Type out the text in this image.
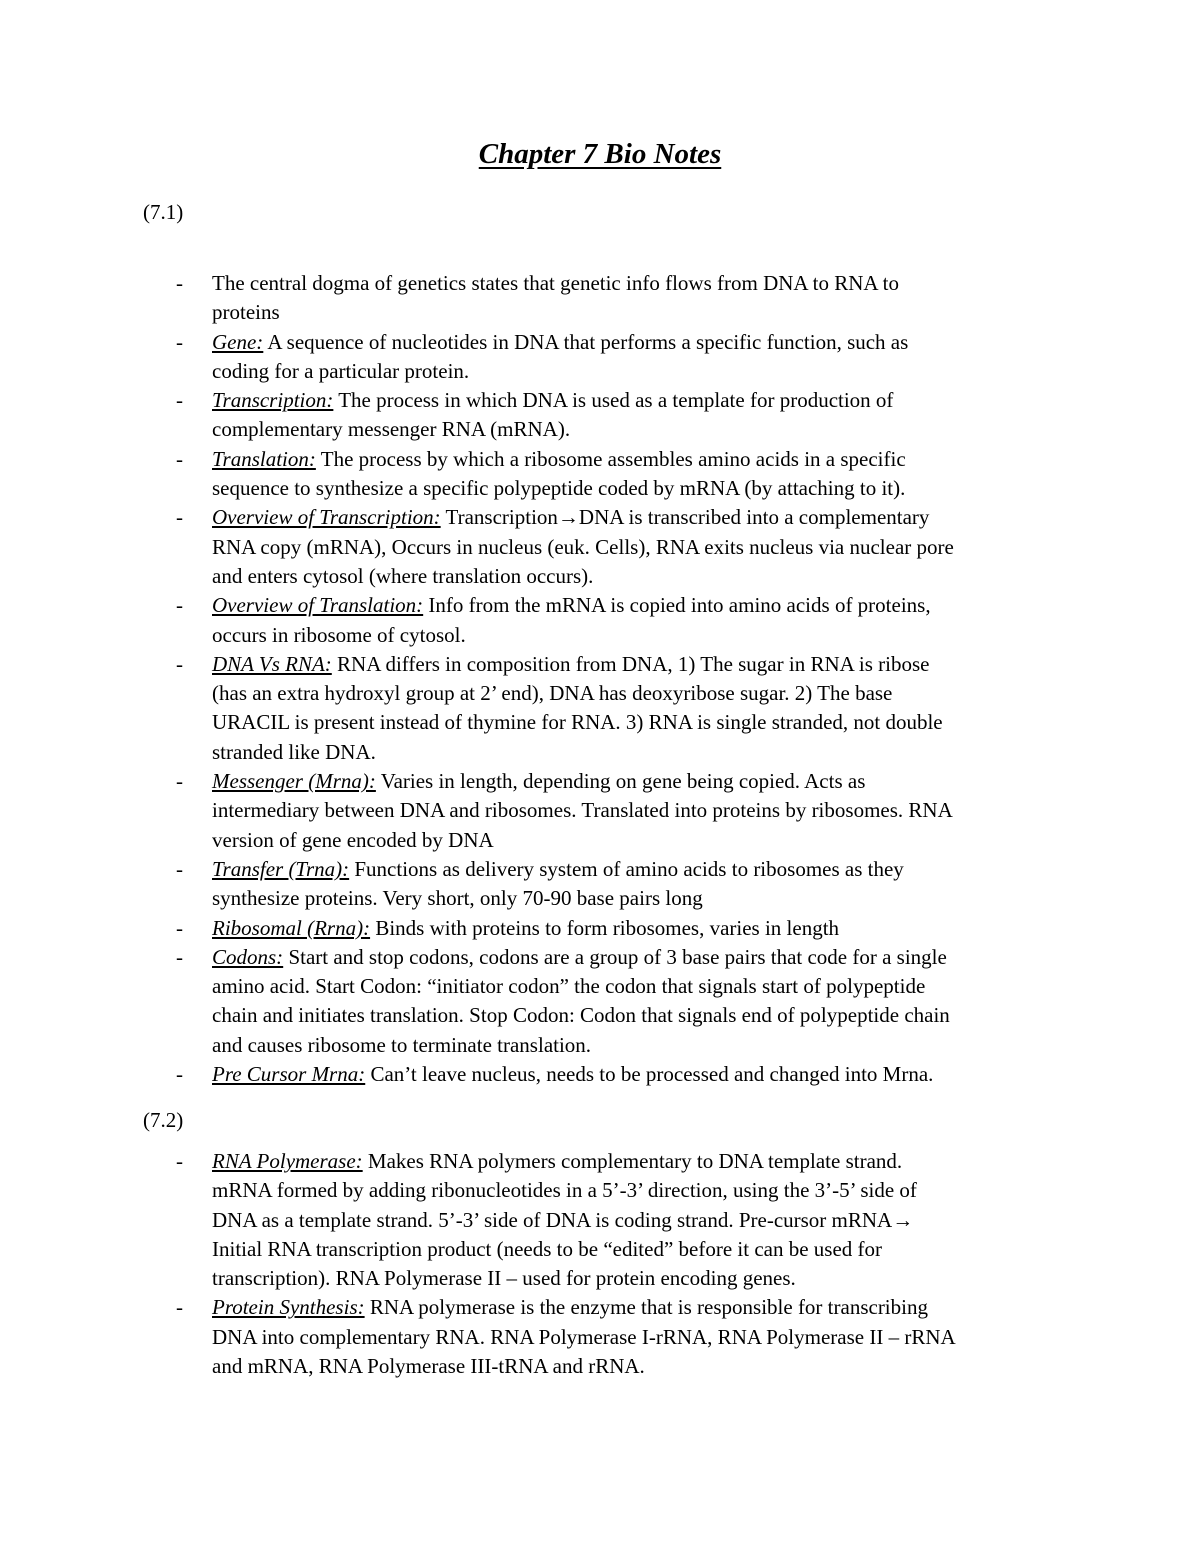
Chapter 7 Bio Notes
(7.1)
- The central dogma of genetics states that genetic info flows from DNA to RNA to proteins
- Gene: A sequence of nucleotides in DNA that performs a specific function, such as coding for a particular protein.
- Transcription: The process in which DNA is used as a template for production of complementary messenger RNA (mRNA).
- Translation: The process by which a ribosome assembles amino acids in a specific sequence to synthesize a specific polypeptide coded by mRNA (by attaching to it).
- Overview of Transcription: Transcription→DNA is transcribed into a complementary RNA copy (mRNA), Occurs in nucleus (euk. Cells), RNA exits nucleus via nuclear pore and enters cytosol (where translation occurs).
- Overview of Translation: Info from the mRNA is copied into amino acids of proteins, occurs in ribosome of cytosol.
- DNA Vs RNA: RNA differs in composition from DNA, 1) The sugar in RNA is ribose (has an extra hydroxyl group at 2’ end), DNA has deoxyribose sugar. 2) The base URACIL is present instead of thymine for RNA. 3) RNA is single stranded, not double stranded like DNA.
- Messenger (Mrna): Varies in length, depending on gene being copied. Acts as intermediary between DNA and ribosomes. Translated into proteins by ribosomes. RNA version of gene encoded by DNA
- Transfer (Trna): Functions as delivery system of amino acids to ribosomes as they synthesize proteins. Very short, only 70-90 base pairs long
- Ribosomal (Rrna): Binds with proteins to form ribosomes, varies in length
- Codons: Start and stop codons, codons are a group of 3 base pairs that code for a single amino acid. Start Codon: “initiator codon” the codon that signals start of polypeptide chain and initiates translation. Stop Codon: Codon that signals end of polypeptide chain and causes ribosome to terminate translation.
- Pre Cursor Mrna: Can’t leave nucleus, needs to be processed and changed into Mrna.
(7.2)
- RNA Polymerase: Makes RNA polymers complementary to DNA template strand. mRNA formed by adding ribonucleotides in a 5’-3’ direction, using the 3’-5’ side of DNA as a template strand. 5’-3’ side of DNA is coding strand. Pre-cursor mRNA→ Initial RNA transcription product (needs to be “edited” before it can be used for transcription). RNA Polymerase II – used for protein encoding genes.
- Protein Synthesis: RNA polymerase is the enzyme that is responsible for transcribing DNA into complementary RNA. RNA Polymerase I-rRNA, RNA Polymerase II – rRNA and mRNA, RNA Polymerase III-tRNA and rRNA.
